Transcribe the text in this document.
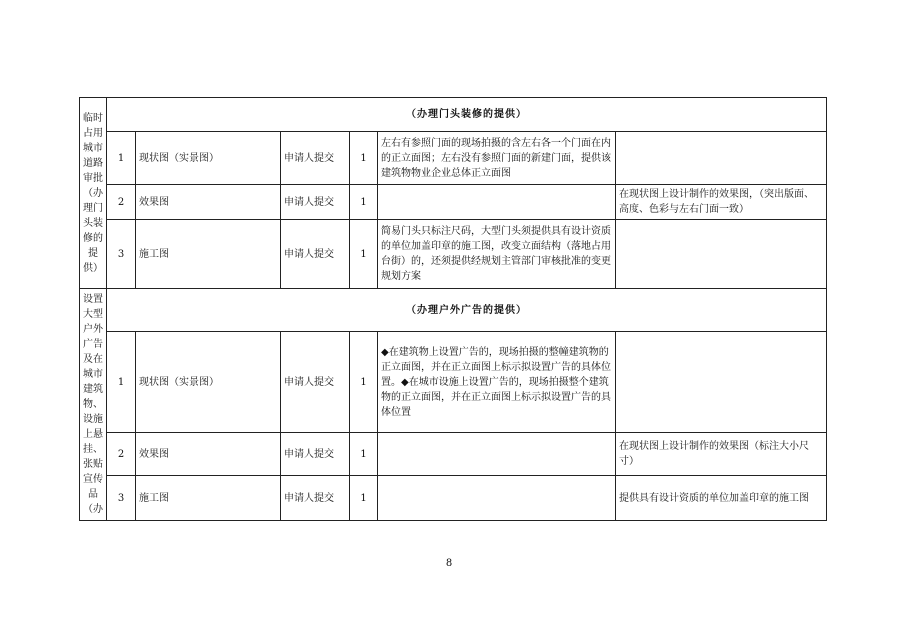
临时占用城市道路审批（办理门头装修的提供）	（办理门头装修的提供）					
	1	现状图（实景图）	申请人提交	1	左右有参照门面的现场拍摄的含左右各一个门面在内的正立面图；左右没有参照门面的新建门面，提供该建筑物物业企业总体正立面图	
	2	效果图	申请人提交	1		在现状图上设计制作的效果图，（突出版面、高度、色彩与左右门面一致）
	3	施工图	申请人提交	1	简易门头只标注尺码，大型门头须提供具有设计资质的单位加盖印章的施工图，改变立面结构（落地占用台街）的，还须提供经规划主管部门审核批准的变更规划方案	
设置大型户外广告及在城市建筑物、设施上悬挂、张贴宣传品（办	（办理户外广告的提供）					
	1	现状图（实景图）	申请人提交	1	◆在建筑物上设置广告的，现场拍摄的整幢建筑物的正立面图，并在正立面图上标示拟设置广告的具体位置。◆在城市设施上设置广告的，现场拍摄整个建筑物的正立面图，并在正立面图上标示拟设置广告的具体位置	
	2	效果图	申请人提交	1		在现状图上设计制作的效果图（标注大小尺寸）
	3	施工图	申请人提交	1		提供具有设计资质的单位加盖印章的施工图
8
